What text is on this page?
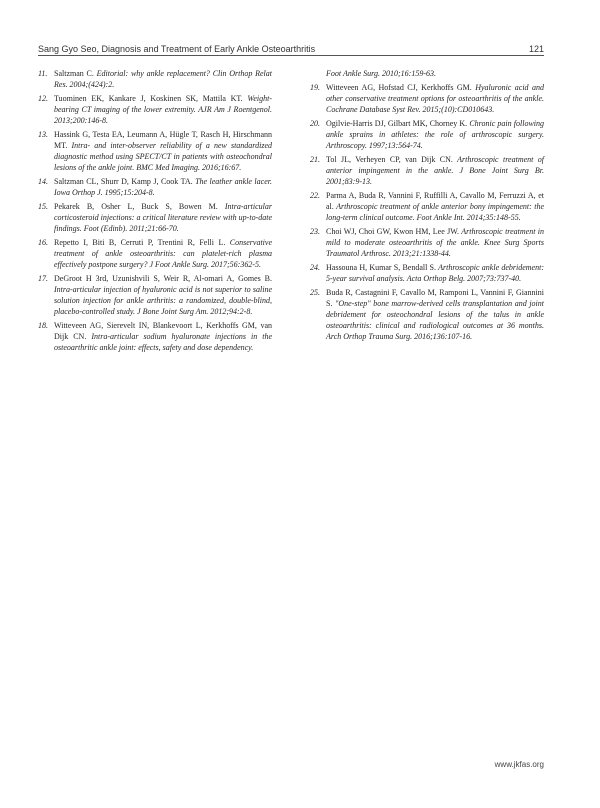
Sang Gyo Seo, Diagnosis and Treatment of Early Ankle Osteoarthritis	121
11. Saltzman C. Editorial: why ankle replacement? Clin Orthop Relat Res. 2004;(424):2.
12. Tuominen EK, Kankare J, Koskinen SK, Mattila KT. Weight-bearing CT imaging of the lower extremity. AJR Am J Roentgenol. 2013;200:146-8.
13. Hassink G, Testa EA, Leumann A, Hügle T, Rasch H, Hirschmann MT. Intra- and inter-observer reliability of a new standardized diagnostic method using SPECT/CT in patients with osteochondral lesions of the ankle joint. BMC Med Imaging. 2016;16:67.
14. Saltzman CL, Shurr D, Kamp J, Cook TA. The leather ankle lacer. Iowa Orthop J. 1995;15:204-8.
15. Pekarek B, Osher L, Buck S, Bowen M. Intra-articular corticosteroid injections: a critical literature review with up-to-date findings. Foot (Edinb). 2011;21:66-70.
16. Repetto I, Biti B, Cerruti P, Trentini R, Felli L. Conservative treatment of ankle osteoarthritis: can platelet-rich plasma effectively postpone surgery? J Foot Ankle Surg. 2017;56:362-5.
17. DeGroot H 3rd, Uzunishvili S, Weir R, Al-omari A, Gomes B. Intra-articular injection of hyaluronic acid is not superior to saline solution injection for ankle arthritis: a randomized, double-blind, placebo-controlled study. J Bone Joint Surg Am. 2012;94:2-8.
18. Witteveen AG, Sierevelt IN, Blankevoort L, Kerkhoffs GM, van Dijk CN. Intra-articular sodium hyaluronate injections in the osteoarthritic ankle joint: effects, safety and dose dependency.
Foot Ankle Surg. 2010;16:159-63.
19. Witteveen AG, Hofstad CJ, Kerkhoffs GM. Hyaluronic acid and other conservative treatment options for osteoarthritis of the ankle. Cochrane Database Syst Rev. 2015;(10):CD010643.
20. Ogilvie-Harris DJ, Gilbart MK, Chorney K. Chronic pain following ankle sprains in athletes: the role of arthroscopic surgery. Arthroscopy. 1997;13:564-74.
21. Tol JL, Verheyen CP, van Dijk CN. Arthroscopic treatment of anterior impingement in the ankle. J Bone Joint Surg Br. 2001;83:9-13.
22. Parma A, Buda R, Vannini F, Ruffilli A, Cavallo M, Ferruzzi A, et al. Arthroscopic treatment of ankle anterior bony impingement: the long-term clinical outcome. Foot Ankle Int. 2014;35:148-55.
23. Choi WJ, Choi GW, Kwon HM, Lee JW. Arthroscopic treatment in mild to moderate osteoarthritis of the ankle. Knee Surg Sports Traumatol Arthrosc. 2013;21:1338-44.
24. Hassouna H, Kumar S, Bendall S. Arthroscopic ankle debridement: 5-year survival analysis. Acta Orthop Belg. 2007;73:737-40.
25. Buda R, Castagnini F, Cavallo M, Ramponi L, Vannini F, Giannini S. "One-step" bone marrow-derived cells transplantation and joint debridement for osteochondral lesions of the talus in ankle osteoarthritis: clinical and radiological outcomes at 36 months. Arch Orthop Trauma Surg. 2016;136:107-16.
www.jkfas.org
